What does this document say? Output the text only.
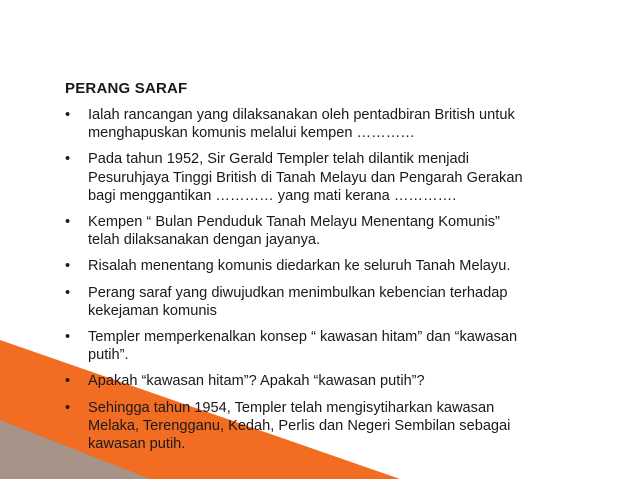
PERANG SARAF
• Ialah rancangan yang dilaksanakan oleh pentadbiran British untuk
menghapuskan komunis melalui kempen …………
• Pada tahun 1952, Sir Gerald Templer telah dilantik menjadi
Pesuruhjaya Tinggi British di Tanah Melayu dan Pengarah Gerakan
bagi menggantikan ………… yang mati kerana ………….
• Kempen “ Bulan Penduduk Tanah Melayu Menentang Komunis”
telah dilaksanakan dengan jayanya.
• Risalah menentang komunis diedarkan ke seluruh Tanah Melayu.
• Perang saraf yang diwujudkan menimbulkan kebencian terhadap
kekejaman komunis
• Templer memperkenalkan konsep “ kawasan hitam” dan “kawasan
putih”.
• Apakah “kawasan hitam”? Apakah “kawasan putih”?
• Sehingga tahun 1954, Templer telah mengisytiharkan kawasan
Melaka, Terengganu, Kedah, Perlis dan Negeri Sembilan sebagai
kawasan putih.
